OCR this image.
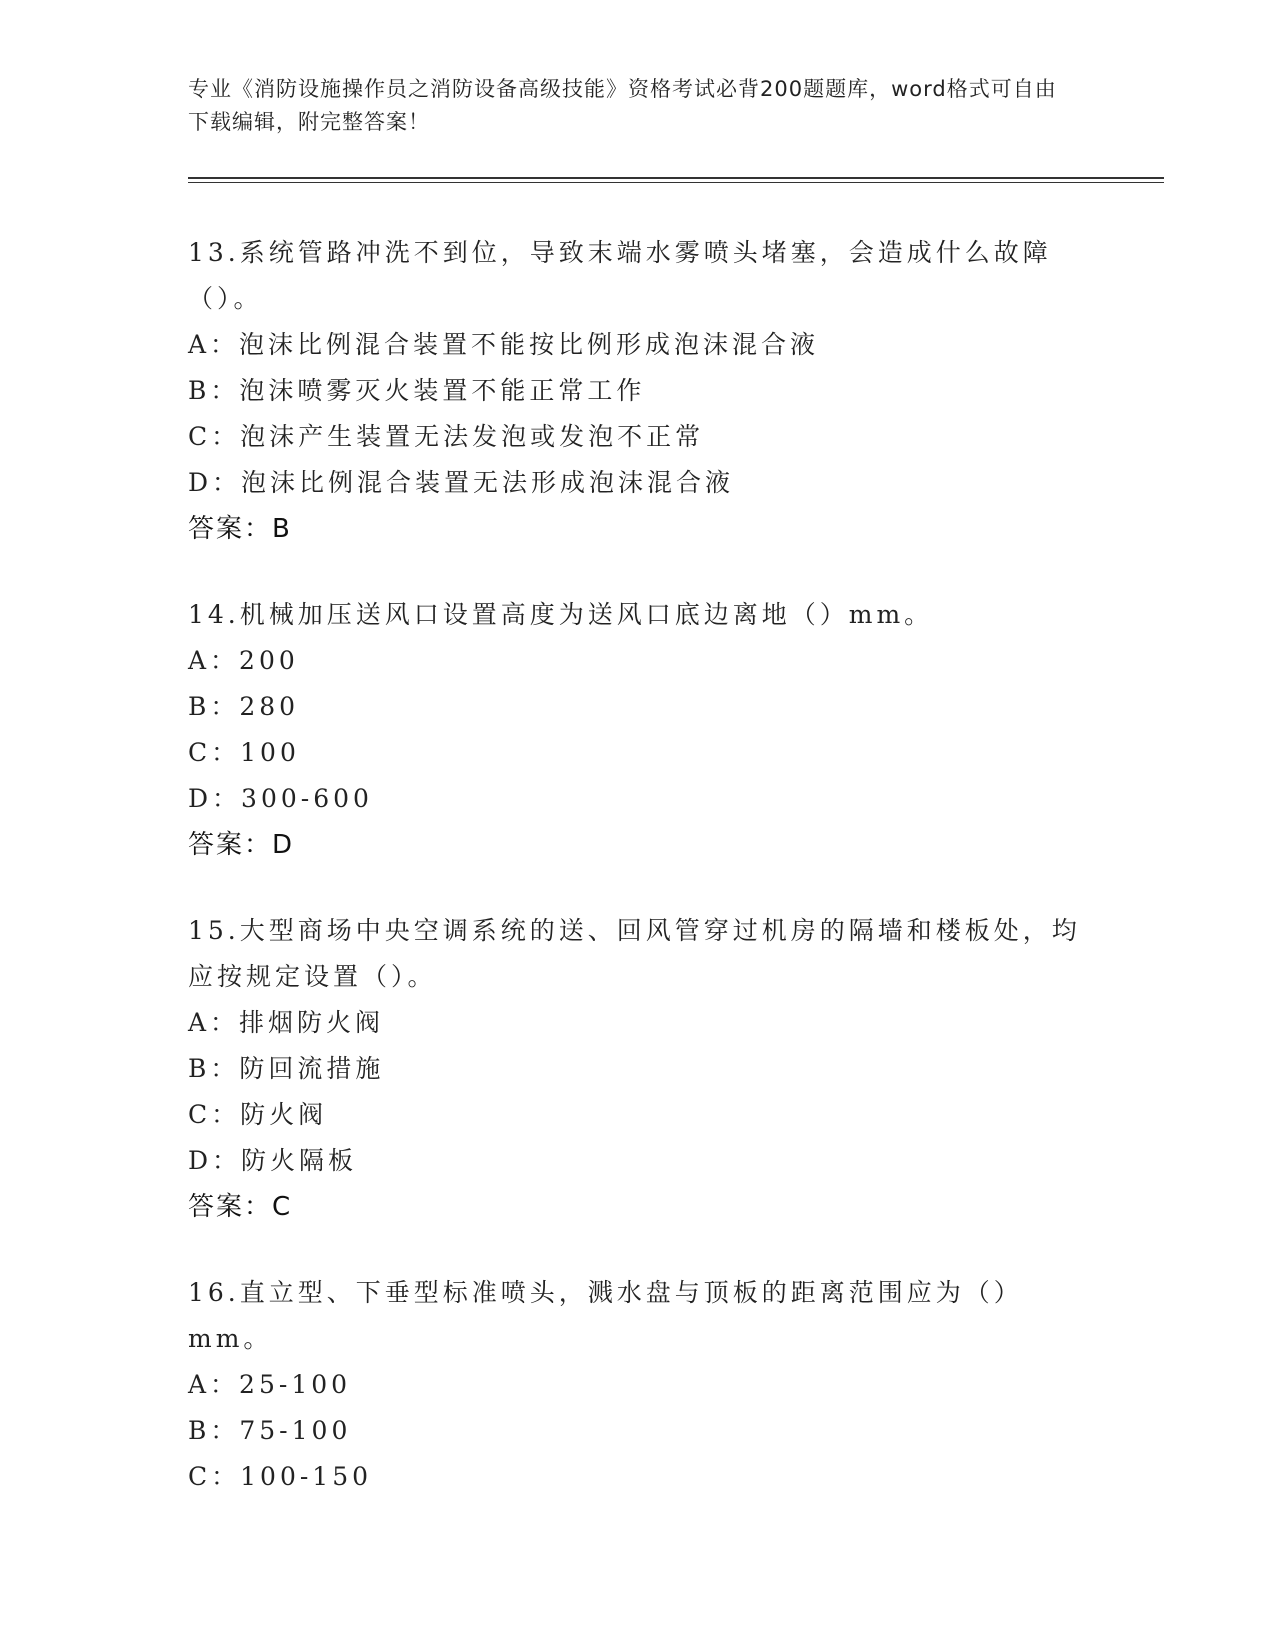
专业《消防设施操作员之消防设备高级技能》资格考试必背200题题库，word格式可自由下载编辑，附完整答案！

13.系统管路冲洗不到位，导致末端水雾喷头堵塞，会造成什么故障（）。

A：泡沫比例混合装置不能按比例形成泡沫混合液

B：泡沫喷雾灭火装置不能正常工作

C：泡沫产生装置无法发泡或发泡不正常

D：泡沫比例混合装置无法形成泡沫混合液

答案：B

14.机械加压送风口设置高度为送风口底边离地（）mm。

A：200

B：280

C：100

D：300-600

答案：D

15.大型商场中央空调系统的送、回风管穿过机房的隔墙和楼板处，均应按规定设置（）。

A：排烟防火阀

B：防回流措施

C：防火阀

D：防火隔板

答案：C

16.直立型、下垂型标准喷头，溅水盘与顶板的距离范围应为（）mm。

A：25-100

B：75-100

C：100-150
